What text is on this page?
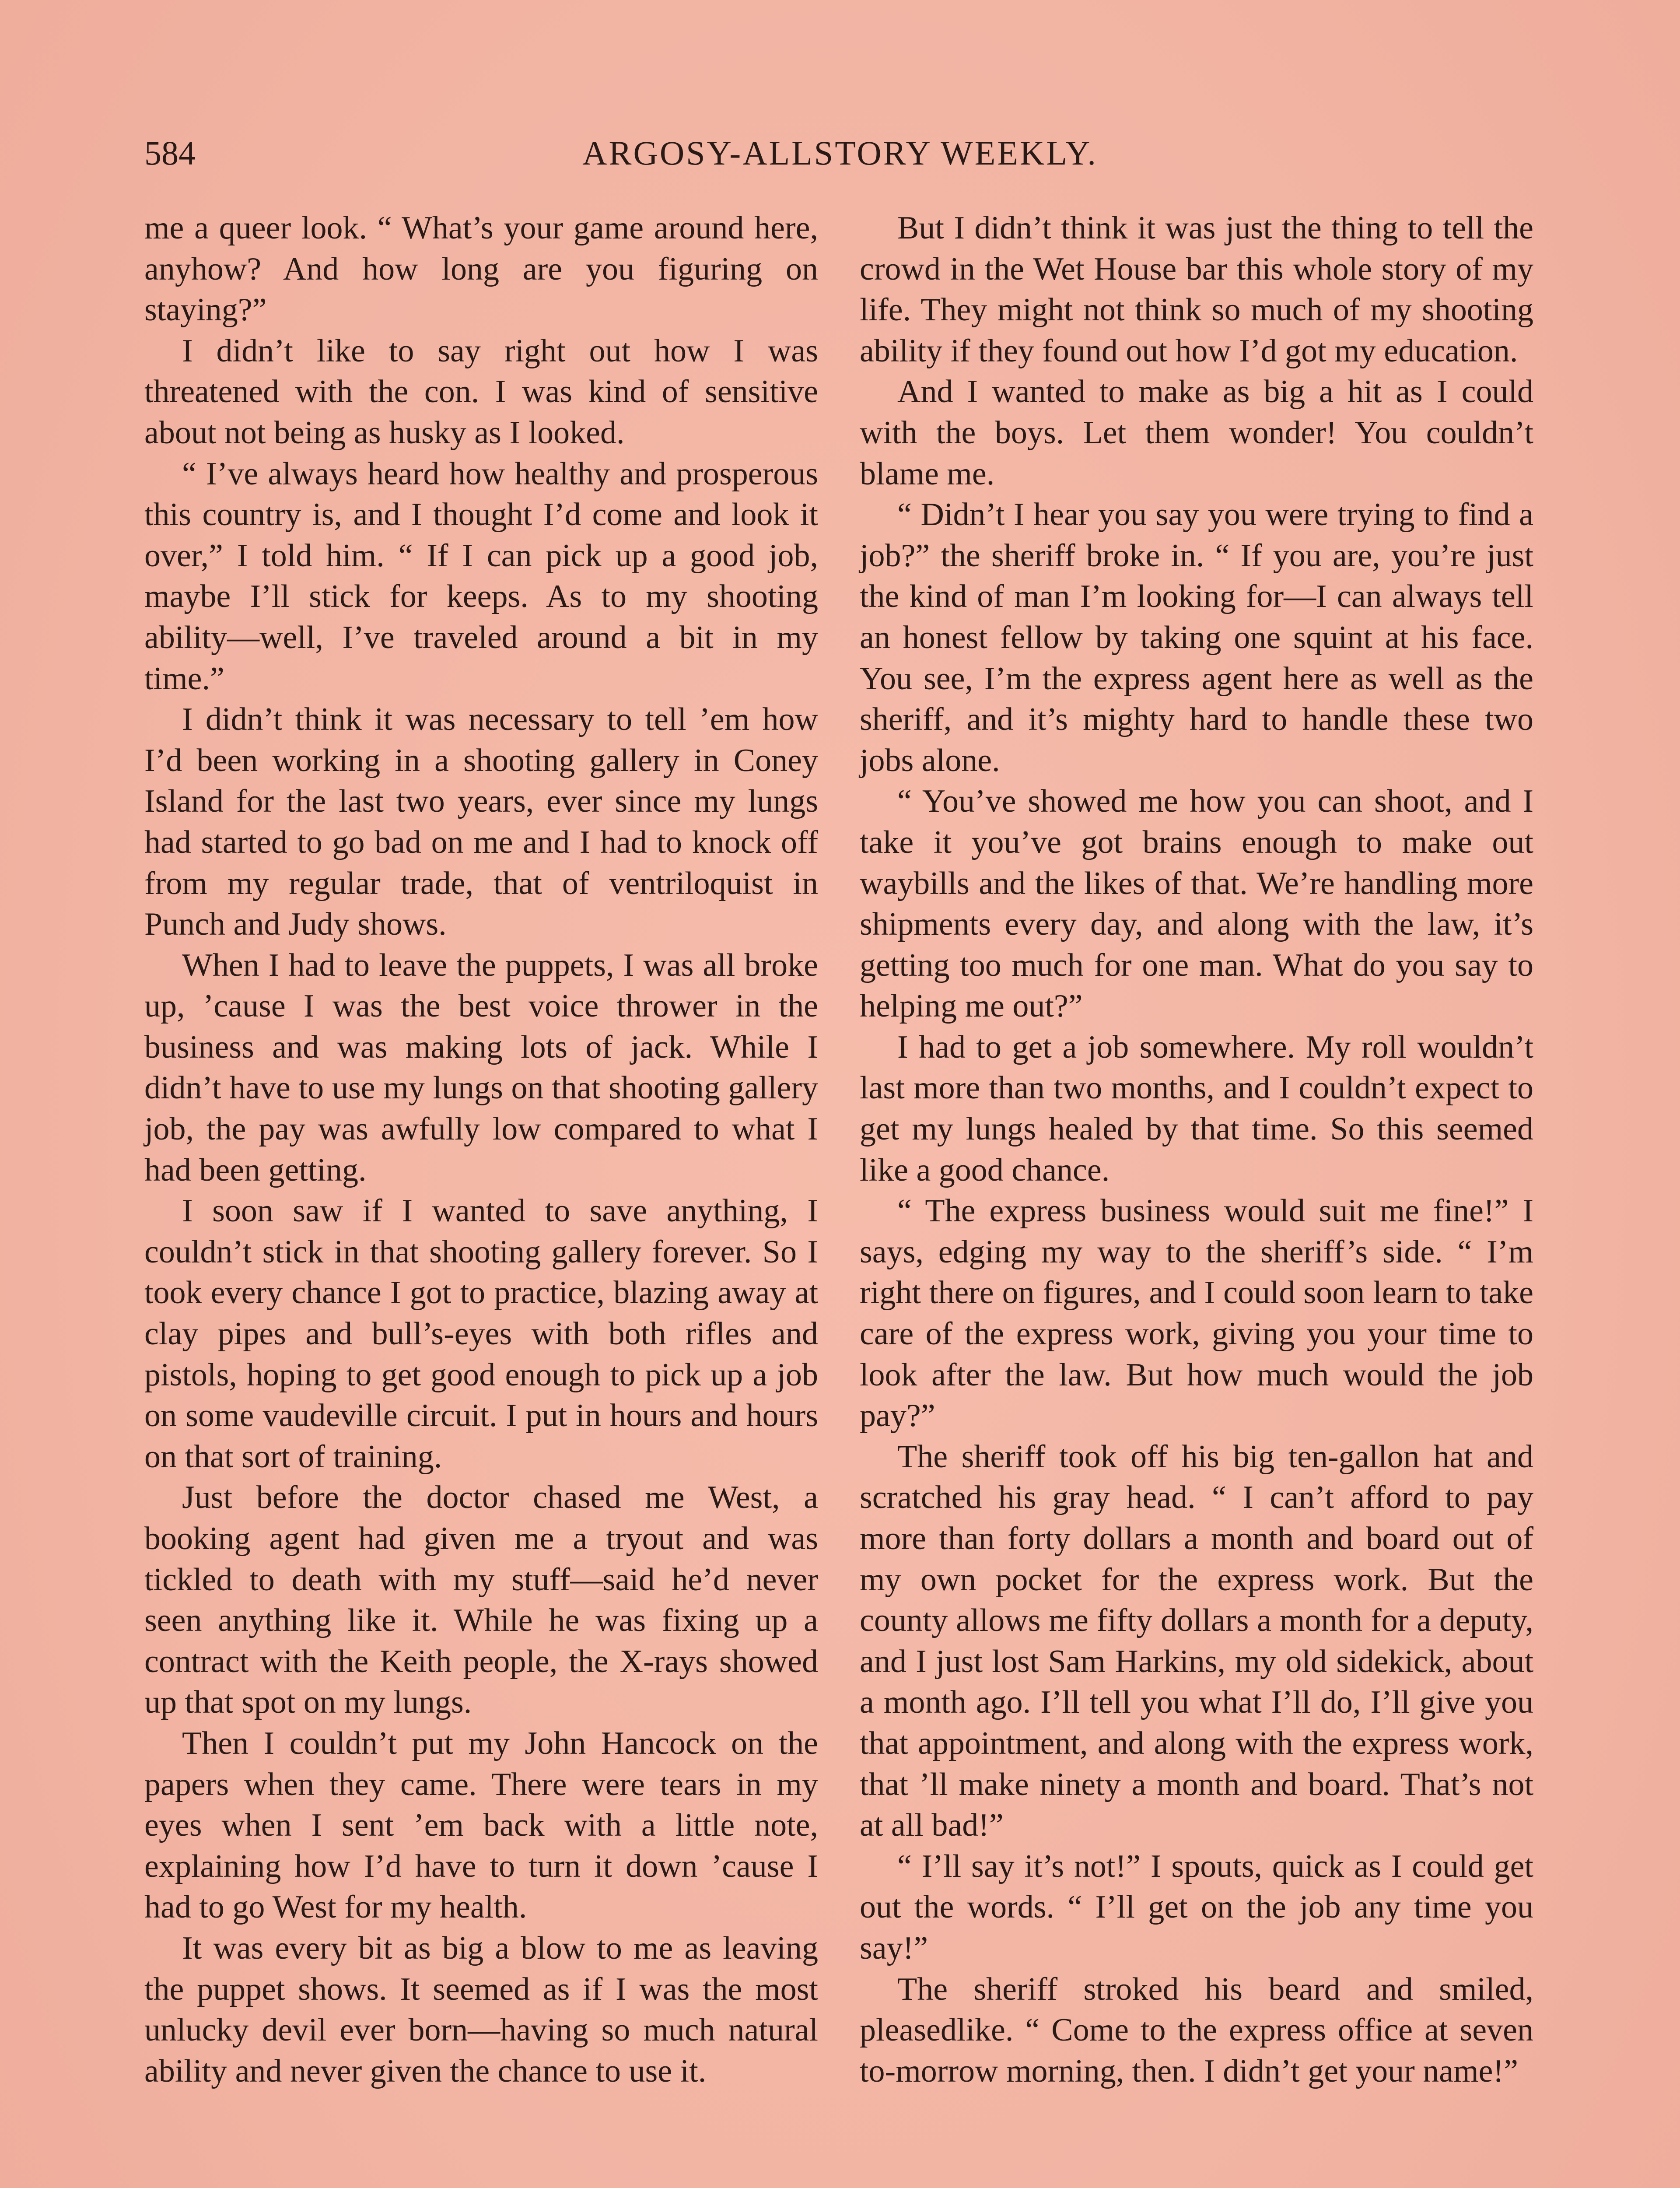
584	ARGOSY-ALLSTORY WEEKLY.

me a queer look. “ What’s your game around here, anyhow? And how long are you figuring on staying?”

I didn’t like to say right out how I was threatened with the con. I was kind of sensitive about not being as husky as I looked.

“ I’ve always heard how healthy and prosperous this country is, and I thought I’d come and look it over,” I told him. “ If I can pick up a good job, maybe I’ll stick for keeps. As to my shooting ability—well, I’ve traveled around a bit in my time.”

I didn’t think it was necessary to tell ’em how I’d been working in a shooting gallery in Coney Island for the last two years, ever since my lungs had started to go bad on me and I had to knock off from my regular trade, that of ventriloquist in Punch and Judy shows.

When I had to leave the puppets, I was all broke up, ’cause I was the best voice thrower in the business and was making lots of jack. While I didn’t have to use my lungs on that shooting gallery job, the pay was awfully low compared to what I had been getting.

I soon saw if I wanted to save anything, I couldn’t stick in that shooting gallery forever. So I took every chance I got to practice, blazing away at clay pipes and bull’s-eyes with both rifles and pistols, hoping to get good enough to pick up a job on some vaudeville circuit. I put in hours and hours on that sort of training.

Just before the doctor chased me West, a booking agent had given me a tryout and was tickled to death with my stuff—said he’d never seen anything like it. While he was fixing up a contract with the Keith people, the X-rays showed up that spot on my lungs.

Then I couldn’t put my John Hancock on the papers when they came. There were tears in my eyes when I sent ’em back with a little note, explaining how I’d have to turn it down ’cause I had to go West for my health.

It was every bit as big a blow to me as leaving the puppet shows. It seemed as if I was the most unlucky devil ever born—having so much natural ability and never given the chance to use it.

But I didn’t think it was just the thing to tell the crowd in the Wet House bar this whole story of my life. They might not think so much of my shooting ability if they found out how I’d got my education.

And I wanted to make as big a hit as I could with the boys. Let them wonder! You couldn’t blame me.

“ Didn’t I hear you say you were trying to find a job?” the sheriff broke in. “ If you are, you’re just the kind of man I’m looking for—I can always tell an honest fellow by taking one squint at his face. You see, I’m the express agent here as well as the sheriff, and it’s mighty hard to handle these two jobs alone.

“ You’ve showed me how you can shoot, and I take it you’ve got brains enough to make out waybills and the likes of that. We’re handling more shipments every day, and along with the law, it’s getting too much for one man. What do you say to helping me out?”

I had to get a job somewhere. My roll wouldn’t last more than two months, and I couldn’t expect to get my lungs healed by that time. So this seemed like a good chance.

“ The express business would suit me fine!” I says, edging my way to the sheriff’s side. “ I’m right there on figures, and I could soon learn to take care of the express work, giving you your time to look after the law. But how much would the job pay?”

The sheriff took off his big ten-gallon hat and scratched his gray head. “ I can’t afford to pay more than forty dollars a month and board out of my own pocket for the express work. But the county allows me fifty dollars a month for a deputy, and I just lost Sam Harkins, my old sidekick, about a month ago. I’ll tell you what I’ll do, I’ll give you that appointment, and along with the express work, that ’ll make ninety a month and board. That’s not at all bad!”

“ I’ll say it’s not!” I spouts, quick as I could get out the words. “ I’ll get on the job any time you say!”

The sheriff stroked his beard and smiled, pleasedlike. “ Come to the express office at seven to-morrow morning, then. I didn’t get your name!”
